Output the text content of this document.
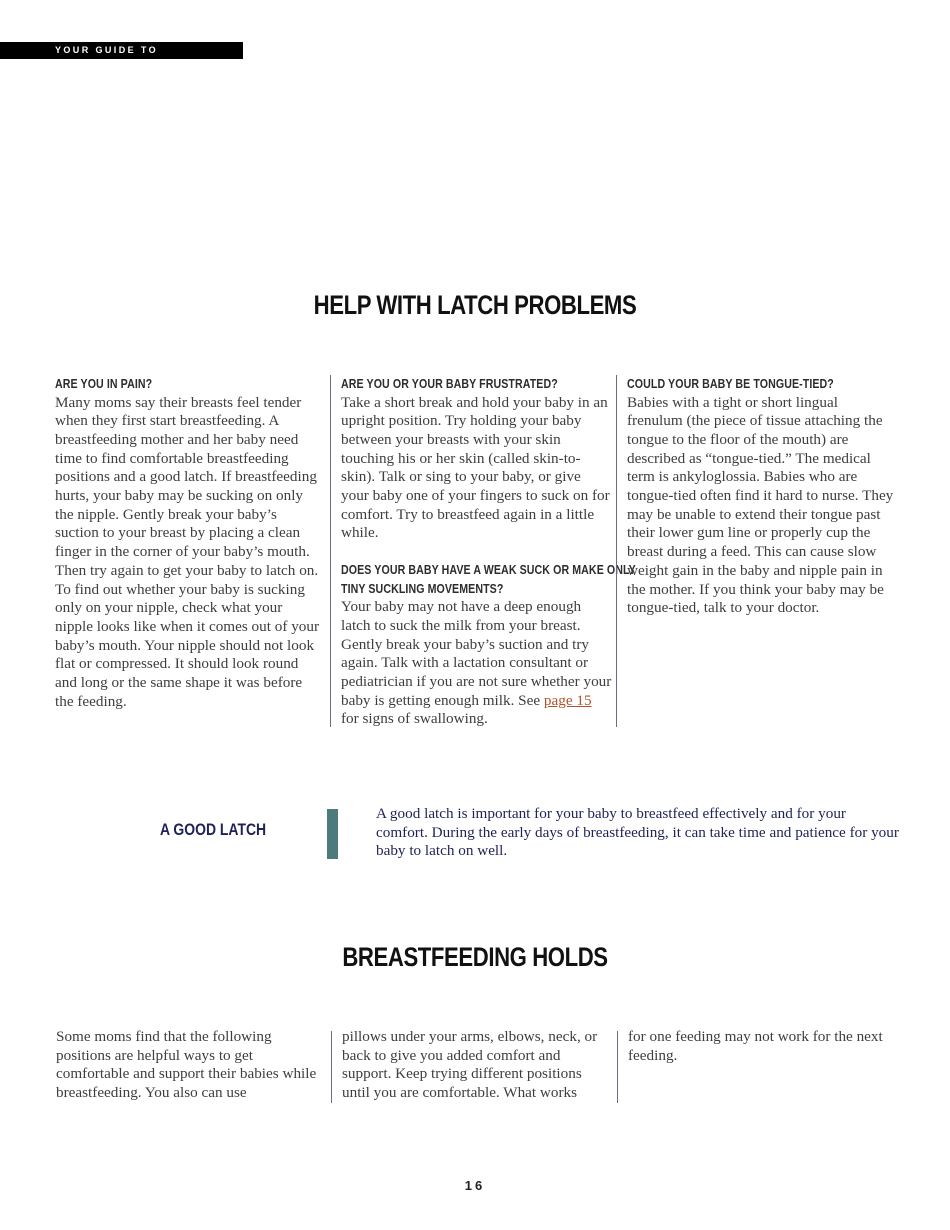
YOUR GUIDE TO BREASTFEEDING
HELP WITH LATCH PROBLEMS
ARE YOU IN PAIN?

Many moms say their breasts feel tender when they first start breastfeeding. A breastfeeding mother and her baby need time to find comfortable breastfeeding positions and a good latch. If breastfeeding hurts, your baby may be sucking on only the nipple. Gently break your baby’s suction to your breast by placing a clean finger in the corner of your baby’s mouth. Then try again to get your baby to latch on. To find out whether your baby is sucking only on your nipple, check what your nipple looks like when it comes out of your baby’s mouth. Your nipple should not look flat or compressed. It should look round and long or the same shape it was before the feeding.

ARE YOU OR YOUR BABY FRUSTRATED?

Take a short break and hold your baby in an upright position. Try holding your baby between your breasts with your skin touching his or her skin (called skin-to-skin). Talk or sing to your baby, or give your baby one of your fingers to suck on for comfort. Try to breastfeed again in a little while.

DOES YOUR BABY HAVE A WEAK SUCK OR MAKE ONLY
TINY SUCKLING MOVEMENTS?

Your baby may not have a deep enough latch to suck the milk from your breast. Gently break your baby’s suction and try again. Talk with a lactation consultant or pediatrician if you are not sure whether your baby is getting enough milk. See page 15 for signs of swallowing.

COULD YOUR BABY BE TONGUE-TIED?

Babies with a tight or short lingual frenulum (the piece of tissue attaching the tongue to the floor of the mouth) are described as “tongue-tied.” The medical term is ankyloglossia. Babies who are tongue-tied often find it hard to nurse. They may be unable to extend their tongue past their lower gum line or properly cup the breast during a feed. This can cause slow weight gain in the baby and nipple pain in the mother. If you think your baby may be tongue-tied, talk to your doctor.

A GOOD LATCH
A good latch is important for your baby to breastfeed effectively and for your comfort. During the early days of breastfeeding, it can take time and patience for your baby to latch on well.
BREASTFEEDING HOLDS

Some moms find that the following positions are helpful ways to get comfortable and support their babies while breastfeeding. You also can use

pillows under your arms, elbows, neck, or back to give you added comfort and support. Keep trying different positions until you are comfortable. What works

for one feeding may not work for the next feeding.

16
